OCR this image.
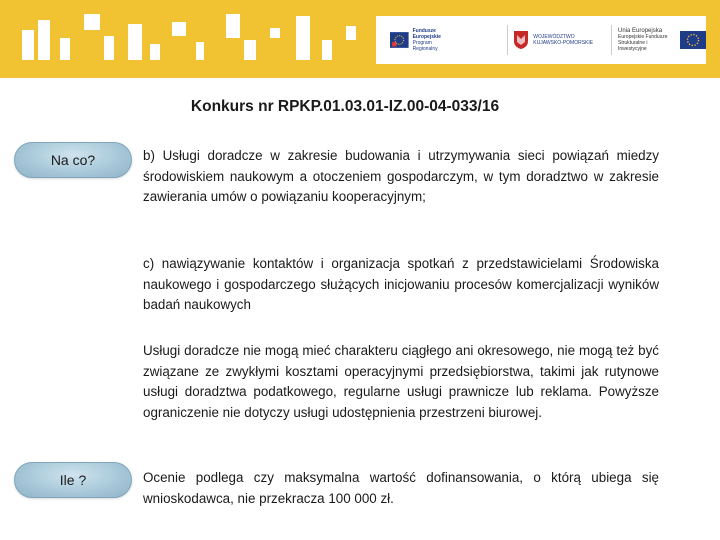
Fundusze Europejskie
Program Regionalny
WOJEWÓDZTWO KUJAWSKO-POMORSKIE
Unia Europejska
Europejskie Fundusze Strukturalne i Inwestycyjne
Konkurs nr RPKP.01.03.01-IZ.00-04-033/16
Na co?	b) Usługi doradcze w zakresie budowania i utrzymywania sieci powiązań miedzy środowiskiem naukowym a otoczeniem gospodarczym, w tym doradztwo w zakresie zawierania umów o powiązaniu kooperacyjnym;
c) nawiązywanie kontaktów i organizacja spotkań z przedstawicielami Środowiska naukowego i gospodarczego służących inicjowaniu procesów komercjalizacji wyników badań naukowych
Usługi doradcze nie mogą mieć charakteru ciągłego ani okresowego, nie mogą też być związane ze zwykłymi kosztami operacyjnymi przedsiębiorstwa, takimi jak rutynowe usługi doradztwa podatkowego, regularne usługi prawnicze lub reklama. Powyższe ograniczenie nie dotyczy usługi udostępnienia przestrzeni biurowej.
Ile ?	Ocenie podlega czy maksymalna wartość dofinansowania, o którą ubiega się wnioskodawca, nie przekracza 100 000 zł.
